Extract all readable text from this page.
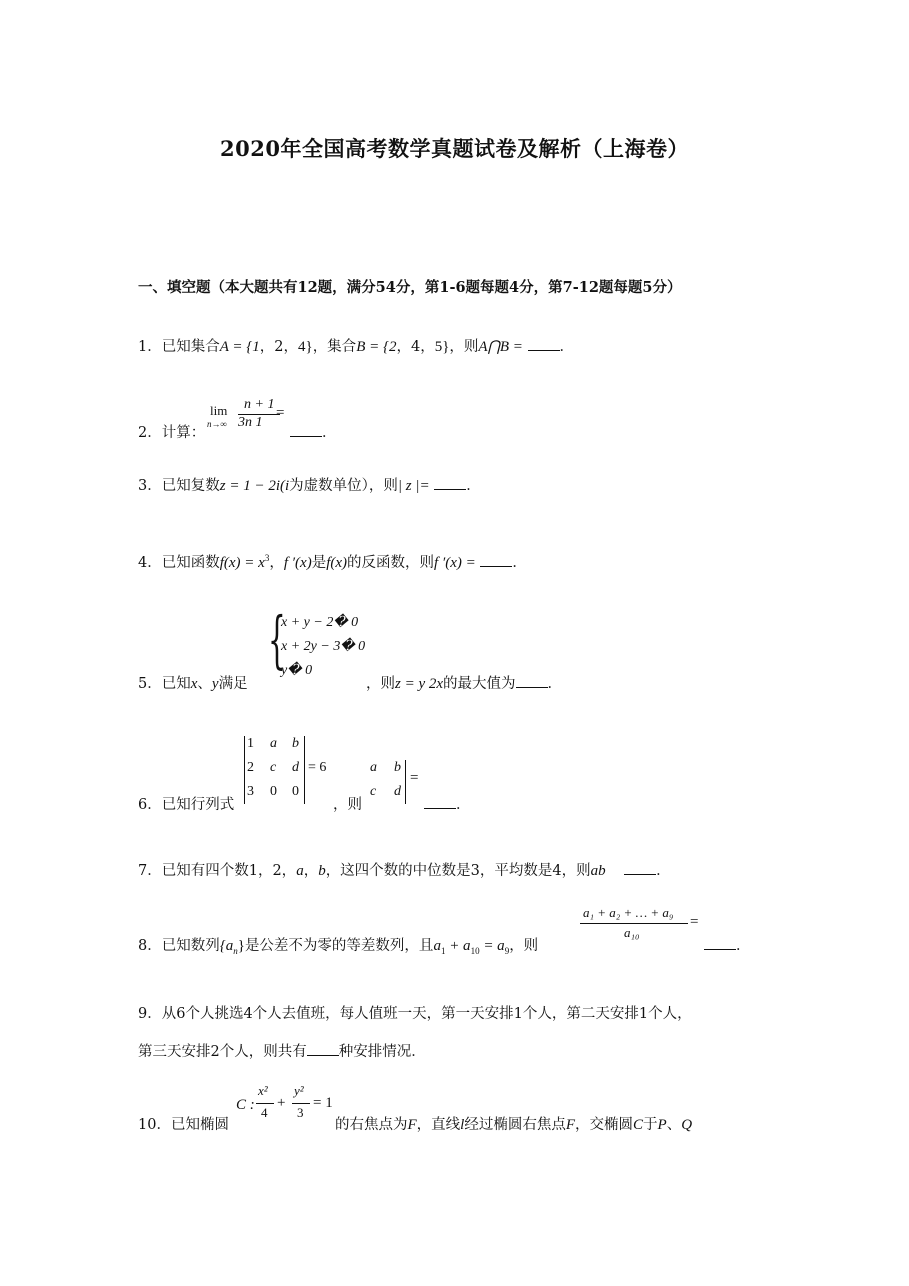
2020年全国高考数学真题试卷及解析（上海卷）
一、填空题（本大题共有12题，满分54分，第1-6题每题4分，第7-12题每题5分）
1．已知集合A = {1，2，4}，集合B = {2，4，5}，则A⋂B =	．
2．计算：
lim
n→∞
n + 1
3n 1
=
．
3．已知复数z = 1 − 2i(i为虚数单位），则| z |=	．
4．已知函数$f(x) = x^3$，f ′(x)是f(x)的反函数，则f ′(x) =	．
{
x + y − 2� 0
x + 2y − 3� 0
y� 0
5．已知x、y满足	，则z = y 2x的最大值为 ．
1 a b
2 c d
3 0 0
= 6
6．已知行列式	，则
a b
c d
=
．
7．已知有四个数1，2，a，b，这四个数的中位数是3，平均数是4，则ab	．
8．已知数列$\{a_n\}$是公差不为零的等差数列，且$a_1 + a_{10} = a_9$，则
a₁ + a₂ + … + a₉
a₁₀
=
．
9．从6个人挑选4个人去值班，每人值班一天，第一天安排1个人，第二天安排1个人，
第三天安排2个人，则共有 种安排情况．
10．已知椭圆
C :
x²
4
+
y²
3
= 1
的右焦点为F，直线l经过椭圆右焦点F，交椭圆C于P、Q
